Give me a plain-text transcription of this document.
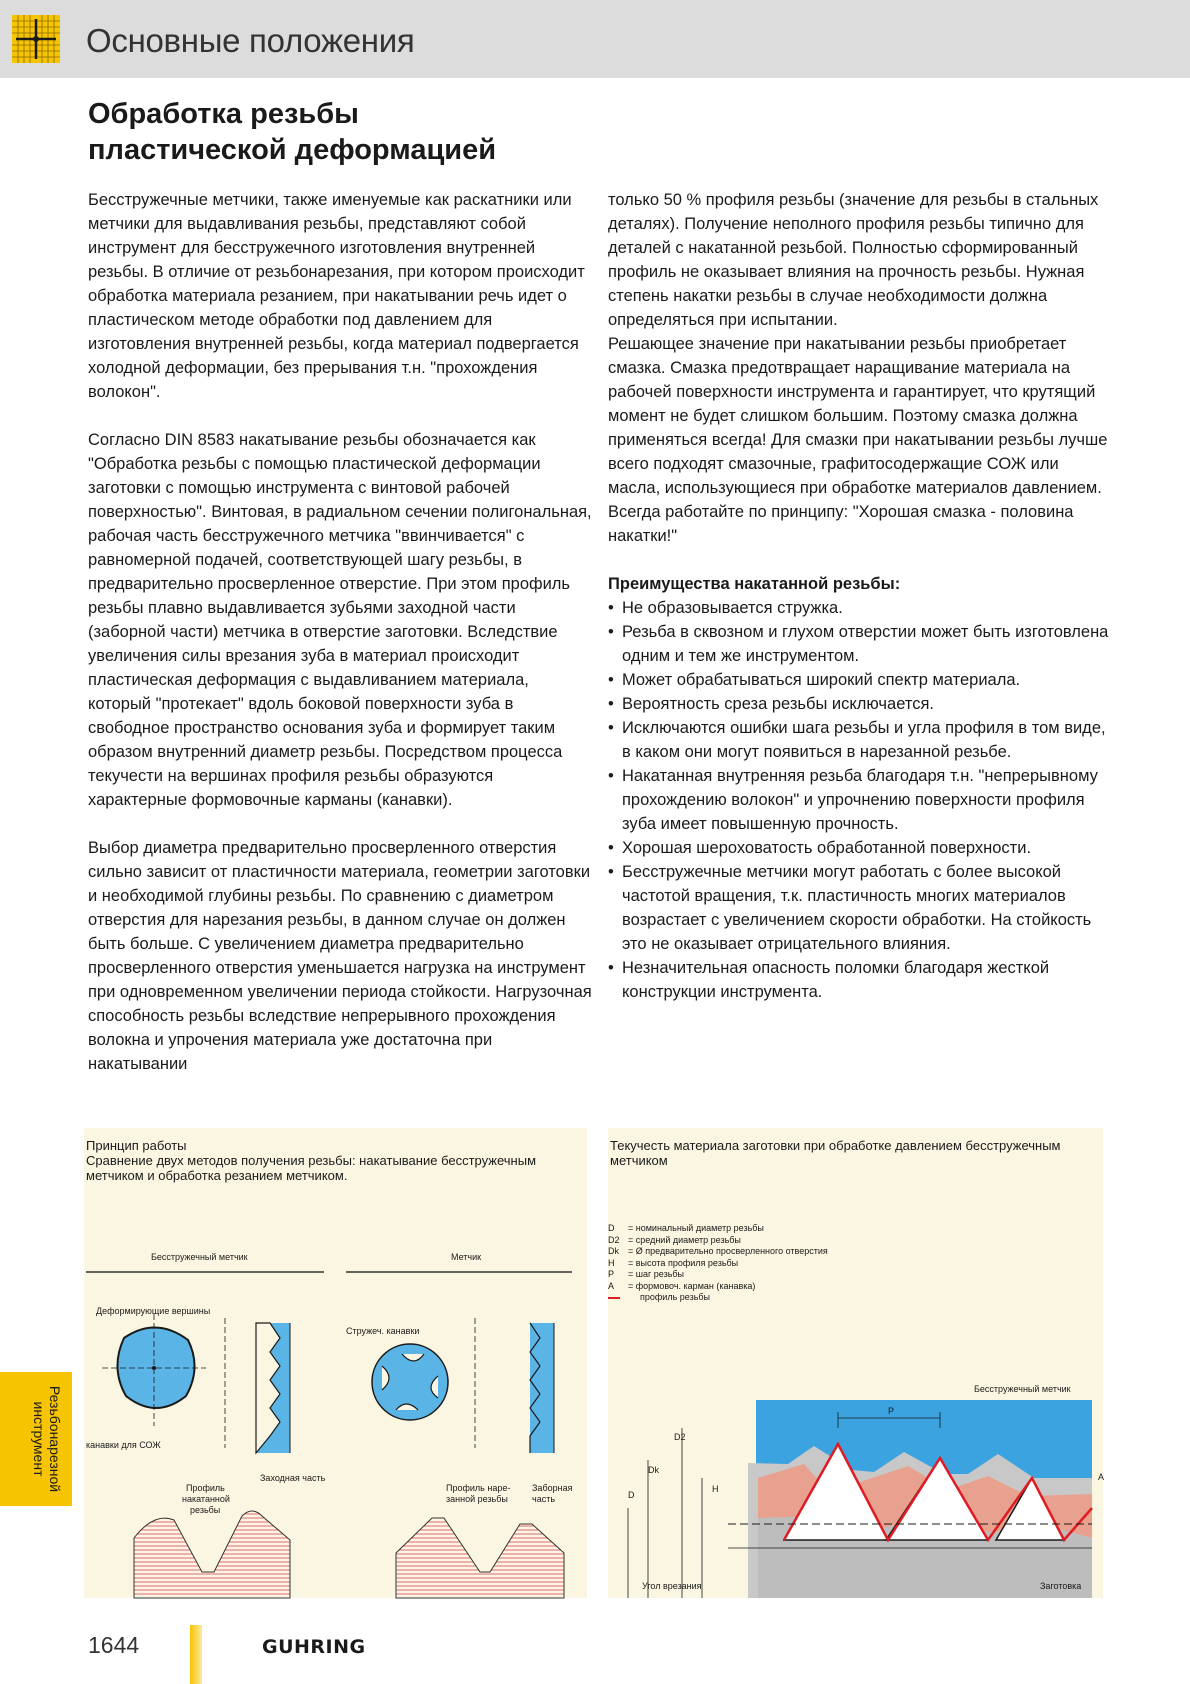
Основные положения
Обработка резьбы
пластической деформацией

Бесстружечные метчики, также именуемые как раскатники или метчики для выдавливания резьбы, представляют собой инструмент для бесстружечного изготовления внутренней резьбы. В отличие от резьбонарезания, при котором происходит обработка материала резанием, при накатывании речь идет о пластическом методе обработки под давлением для изготовления внутренней резьбы, когда материал подвергается холодной деформации, без прерывания т.н. "прохождения волокон".

Согласно DIN 8583 накатывание резьбы обозначается как "Обработка резьбы с помощью пластической деформации заготовки с помощью инструмента с винтовой рабочей поверхностью". Винтовая, в радиальном сечении полигональная, рабочая часть бесстружечного метчика "ввинчивается" с равномерной подачей, соответствующей шагу резьбы, в предварительно просверленное отверстие. При этом профиль резьбы плавно выдавливается зубьями заходной части (заборной части) метчика в отверстие заготовки. Вследствие увеличения силы врезания зуба в материал происходит пластическая деформация с выдавливанием материала, который "протекает" вдоль боковой поверхности зуба в свободное пространство основания зуба и формирует таким образом внутренний диаметр резьбы. Посредством процесса текучести на вершинах профиля резьбы образуются характерные формовочные карманы (канавки).

Выбор диаметра предварительно просверленного отверстия сильно зависит от пластичности материала, геометрии заготовки и необходимой глубины резьбы. По сравнению с диаметром отверстия для нарезания резьбы, в данном случае он должен быть больше. С увеличением диаметра предварительно просверленного отверстия уменьшается нагрузка на инструмент при одновременном увеличении периода стойкости. Нагрузочная способность резьбы вследствие непрерывного прохождения волокна и упрочения материала уже достаточна при накатывании

только 50 % профиля резьбы (значение для резьбы в стальных деталях). Получение неполного профиля резьбы типично для деталей с накатанной резьбой. Полностью сформированный профиль не оказывает влияния на прочность резьбы. Нужная степень накатки резьбы в случае необходимости должна определяться при испытании.

Решающее значение при накатывании резьбы приобретает смазка. Смазка предотвращает наращивание материала на рабочей поверхности инструмента и гарантирует, что крутящий момент не будет слишком большим. Поэтому смазка должна применяться всегда! Для смазки при накатывании резьбы лучше всего подходят смазочные, графитосодержащие СОЖ или масла, использующиеся при обработке материалов давлением. Всегда работайте по принципу: "Хорошая смазка - половина накатки!"

Преимущества накатанной резьбы:
• Не образовывается стружка.
• Резьба в сквозном и глухом отверстии может быть изготовлена одним и тем же инструментом.
• Может обрабатываться широкий спектр материала.
• Вероятность среза резьбы исключается.
• Исключаются ошибки шага резьбы и угла профиля в том виде, в каком они могут появиться в нарезанной резьбе.
• Накатанная внутренняя резьба благодаря т.н. "непрерывному прохождению волокон" и упрочнению поверхности профиля зуба имеет повышенную прочность.
• Хорошая шероховатость обработанной поверхности.
• Бесстружечные метчики могут работать с более высокой частотой вращения, т.к. пластичность многих материалов возрастает с увеличением скорости обработки. На стойкость это не оказывает отрицательного влияния.
• Незначительная опасность поломки благодаря жесткой конструкции инструмента.
Принцип работы
Сравнение двух методов получения резьбы: накатывание бесстружечным метчиком и обработка резанием метчиком.
Бесстружечный метчик	Метчик
Деформирующие вершины
канавки для СОЖ
Заходная часть
Профиль
накатанной
резьбы
Стружеч. канавки
Профиль наре-
занной резьбы
Заборная
часть
Текучесть материала заготовки при обработке давлением бесстружечным метчиком
D	= номинальный диаметр резьбы
D2 = средний диаметр резьбы
Dk	= Ø предварительно просверленного отверстия
H	= высота профиля резьбы
P	= шаг резьбы
A	= формовоч. карман (канавка)
профиль резьбы
Бесстружечный метчик
P
D
Dk
D2
H
A
Угол врезания	Заготовка
Резьбонарезной инструмент
1644	GUHRING
